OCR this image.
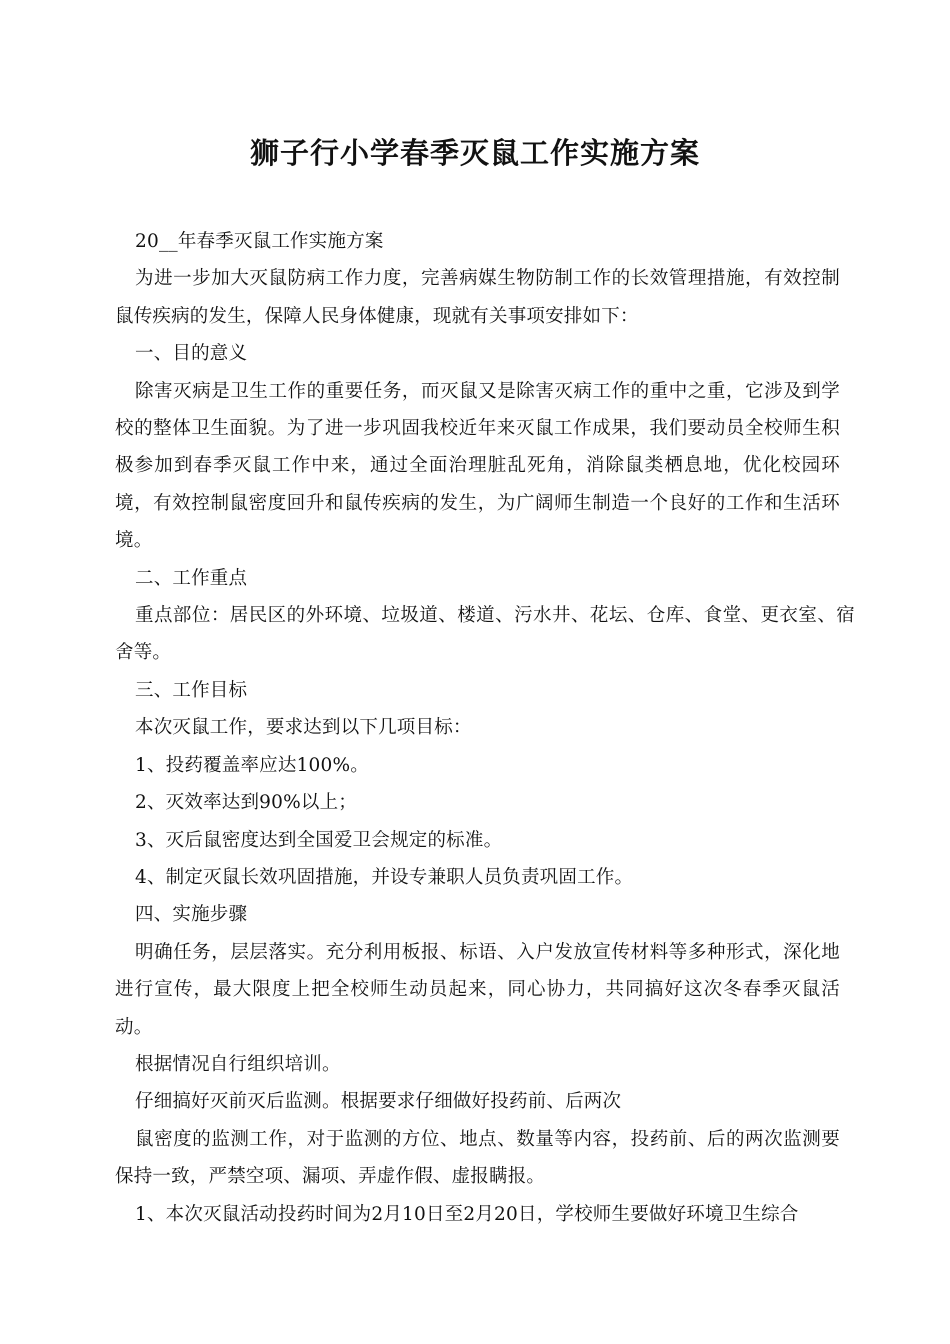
狮子行小学春季灭鼠工作实施方案

20__年春季灭鼠工作实施方案

为进一步加大灭鼠防病工作力度，完善病媒生物防制工作的长效管理措施，有效控制鼠传疾病的发生，保障人民身体健康，现就有关事项安排如下：

一、目的意义

除害灭病是卫生工作的重要任务，而灭鼠又是除害灭病工作的重中之重，它涉及到学校的整体卫生面貌。为了进一步巩固我校近年来灭鼠工作成果，我们要动员全校师生积极参加到春季灭鼠工作中来，通过全面治理脏乱死角，消除鼠类栖息地，优化校园环境，有效控制鼠密度回升和鼠传疾病的发生，为广阔师生制造一个良好的工作和生活环境。

二、工作重点

重点部位：居民区的外环境、垃圾道、楼道、污水井、花坛、仓库、食堂、更衣室、宿舍等。

三、工作目标

本次灭鼠工作，要求达到以下几项目标：

1、投药覆盖率应达100%。

2、灭效率达到90%以上；

3、灭后鼠密度达到全国爱卫会规定的标准。

4、制定灭鼠长效巩固措施，并设专兼职人员负责巩固工作。

四、实施步骤

明确任务，层层落实。充分利用板报、标语、入户发放宣传材料等多种形式，深化地进行宣传，最大限度上把全校师生动员起来，同心协力，共同搞好这次冬春季灭鼠活动。

根据情况自行组织培训。

仔细搞好灭前灭后监测。根据要求仔细做好投药前、后两次

鼠密度的监测工作，对于监测的方位、地点、数量等内容，投药前、后的两次监测要保持一致，严禁空项、漏项、弄虚作假、虚报瞒报。

1、本次灭鼠活动投药时间为2月10日至2月20日，学校师生要做好环境卫生综合
